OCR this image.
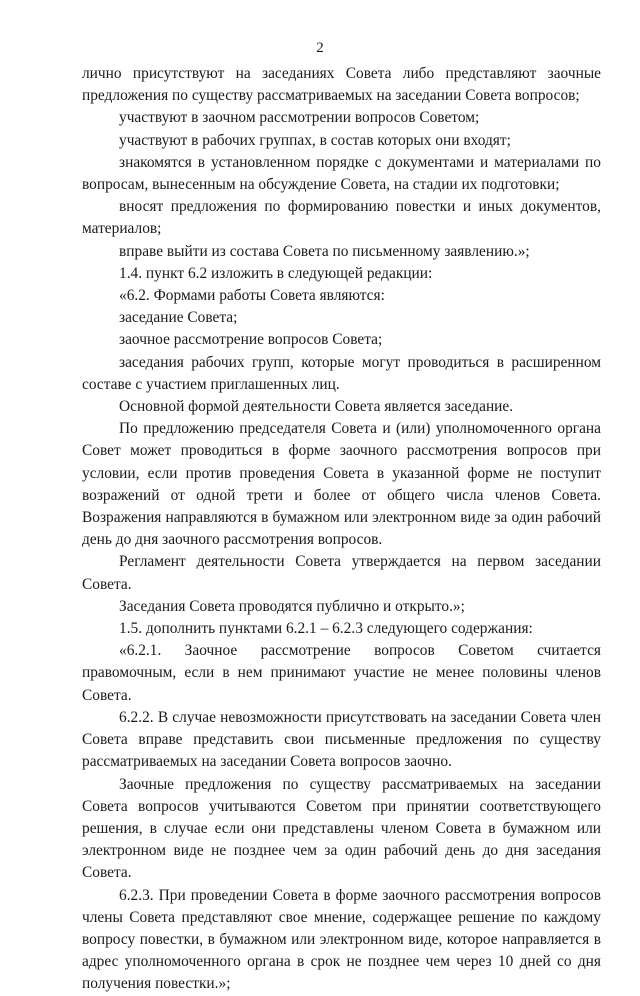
2

лично присутствуют на заседаниях Совета либо представляют заочные предложения по существу рассматриваемых на заседании Совета вопросов;

участвуют в заочном рассмотрении вопросов Советом;

участвуют в рабочих группах, в состав которых они входят;

знакомятся в установленном порядке с документами и материалами по вопросам, вынесенным на обсуждение Совета, на стадии их подготовки;

вносят предложения по формированию повестки и иных документов, материалов;

вправе выйти из состава Совета по письменному заявлению.»;

1.4. пункт 6.2 изложить в следующей редакции:

«6.2. Формами работы Совета являются:

заседание Совета;

заочное рассмотрение вопросов Совета;

заседания рабочих групп, которые могут проводиться в расширенном составе с участием приглашенных лиц.

Основной формой деятельности Совета является заседание.

По предложению председателя Совета и (или) уполномоченного органа Совет может проводиться в форме заочного рассмотрения вопросов при условии, если против проведения Совета в указанной форме не поступит возражений от одной трети и более от общего числа членов Совета. Возражения направляются в бумажном или электронном виде за один рабочий день до дня заочного рассмотрения вопросов.

Регламент деятельности Совета утверждается на первом заседании Совета.

Заседания Совета проводятся публично и открыто.»;

1.5. дополнить пунктами 6.2.1 – 6.2.3 следующего содержания:

«6.2.1. Заочное рассмотрение вопросов Советом считается правомочным, если в нем принимают участие не менее половины членов Совета.

6.2.2. В случае невозможности присутствовать на заседании Совета член Совета вправе представить свои письменные предложения по существу рассматриваемых на заседании Совета вопросов заочно.

Заочные предложения по существу рассматриваемых на заседании Совета вопросов учитываются Советом при принятии соответствующего решения, в случае если они представлены членом Совета в бумажном или электронном виде не позднее чем за один рабочий день до дня заседания Совета.

6.2.3. При проведении Совета в форме заочного рассмотрения вопросов члены Совета представляют свое мнение, содержащее решение по каждому вопросу повестки, в бумажном или электронном виде, которое направляется в адрес уполномоченного органа в срок не позднее чем через 10 дней со дня получения повестки.»;
